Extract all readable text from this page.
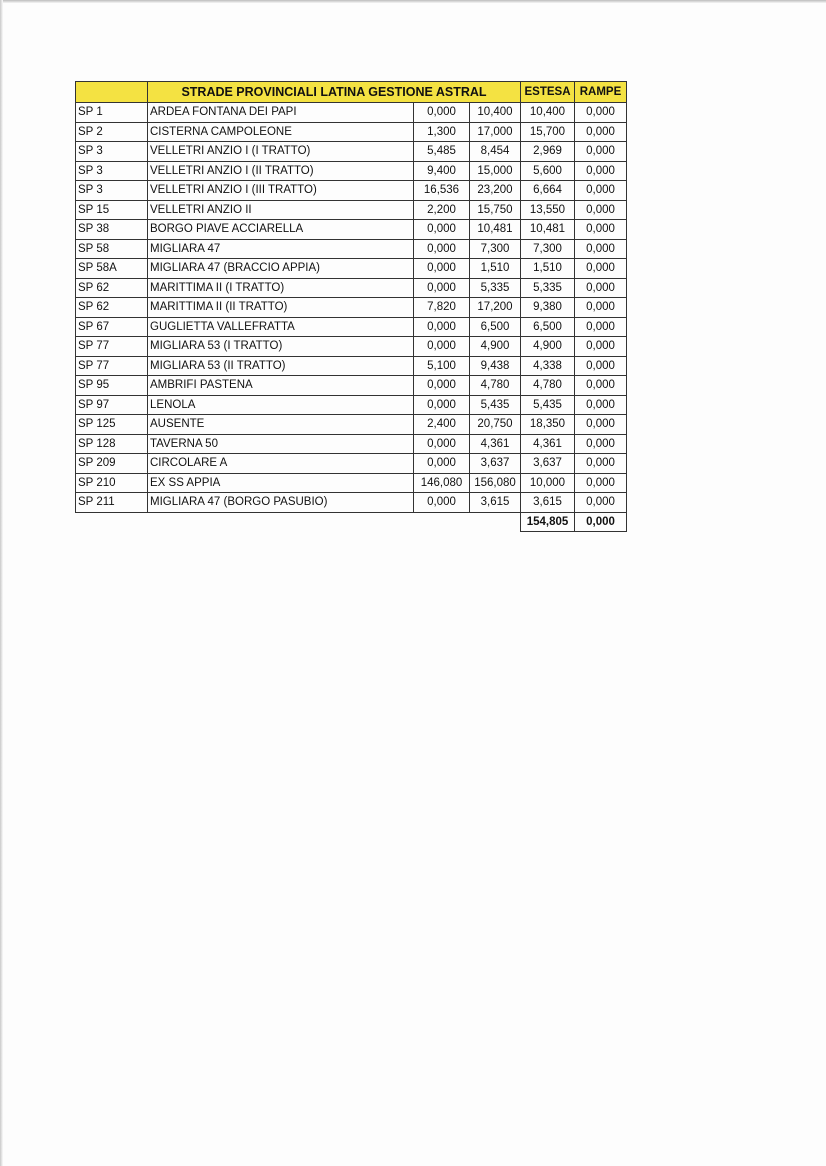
	STRADE PROVINCIALI LATINA GESTIONE ASTRAL			ESTESA	RAMPE
SP 1	ARDEA FONTANA DEI PAPI	0,000	10,400	10,400	0,000
SP 2	CISTERNA CAMPOLEONE	1,300	17,000	15,700	0,000
SP 3	VELLETRI ANZIO I (I TRATTO)	5,485	8,454	2,969	0,000
SP 3	VELLETRI ANZIO I (II TRATTO)	9,400	15,000	5,600	0,000
SP 3	VELLETRI ANZIO I (III TRATTO)	16,536	23,200	6,664	0,000
SP 15	VELLETRI ANZIO II	2,200	15,750	13,550	0,000
SP 38	BORGO PIAVE ACCIARELLA	0,000	10,481	10,481	0,000
SP 58	MIGLIARA 47	0,000	7,300	7,300	0,000
SP 58A	MIGLIARA 47 (BRACCIO APPIA)	0,000	1,510	1,510	0,000
SP 62	MARITTIMA II (I TRATTO)	0,000	5,335	5,335	0,000
SP 62	MARITTIMA II (II TRATTO)	7,820	17,200	9,380	0,000
SP 67	GUGLIETTA VALLEFRATTA	0,000	6,500	6,500	0,000
SP 77	MIGLIARA 53 (I TRATTO)	0,000	4,900	4,900	0,000
SP 77	MIGLIARA 53 (II TRATTO)	5,100	9,438	4,338	0,000
SP 95	AMBRIFI PASTENA	0,000	4,780	4,780	0,000
SP 97	LENOLA	0,000	5,435	5,435	0,000
SP 125	AUSENTE	2,400	20,750	18,350	0,000
SP 128	TAVERNA 50	0,000	4,361	4,361	0,000
SP 209	CIRCOLARE A	0,000	3,637	3,637	0,000
SP 210	EX SS APPIA	146,080	156,080	10,000	0,000
SP 211	MIGLIARA 47 (BORGO PASUBIO)	0,000	3,615	3,615	0,000
				154,805	0,000
